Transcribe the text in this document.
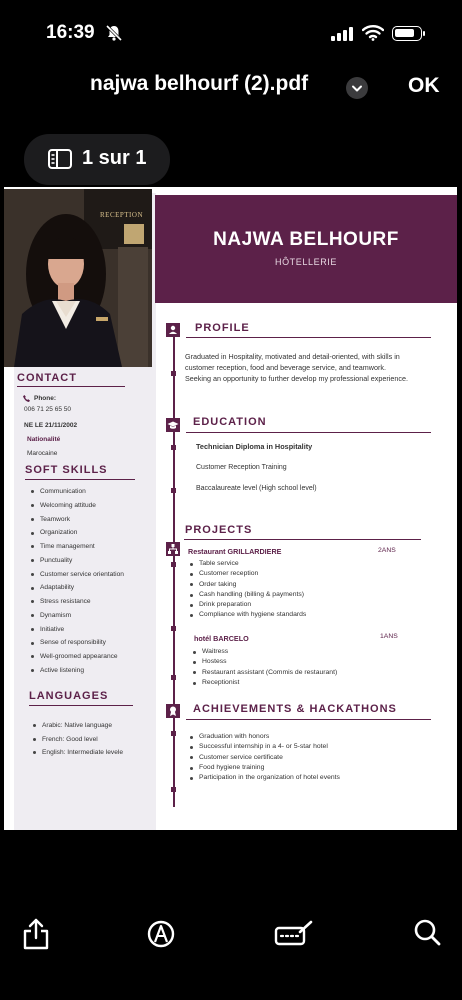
16:39
najwa belhourf (2).pdf	OK
1 sur 1
RECEPTION
NAJWA BELHOURF
HÔTELLERIE
CONTACT
Phone:
006 71 25 65 50
NE LE 21/11/2002
Nationalité
Marocaine
SOFT SKILLS
Communication
Welcoming attitude
Teamwork
Organization
Time management
Punctuality
Customer service orientation
Adaptability
Stress resistance
Dynamism
Initiative
Sense of responsibility
Well-groomed appearance
Active listening
LANGUAGES
Arabic: Native language
French: Good level
English: Intermediate levele
PROFILE
Graduated in Hospitality, motivated and detail-oriented, with skills in
customer reception, food and beverage service, and teamwork.
Seeking an opportunity to further develop my professional experience.
EDUCATION
Technician Diploma in Hospitality
Customer Reception Training
Baccalaureate level (High school level)
PROJECTS
Restaurant GRILLARDIERE	2ANS
Table service
Customer reception
Order taking
Cash handling (billing & payments)
Drink preparation
Compliance with hygiene standards
hotél BARCELO	1ANS
Waitress
Hostess
Restaurant assistant (Commis de restaurant)
Receptionist
ACHIEVEMENTS & HACKATHONS
Graduation with honors
Successful internship in a 4- or 5-star hotel
Customer service certificate
Food hygiene training
Participation in the organization of hotel events
